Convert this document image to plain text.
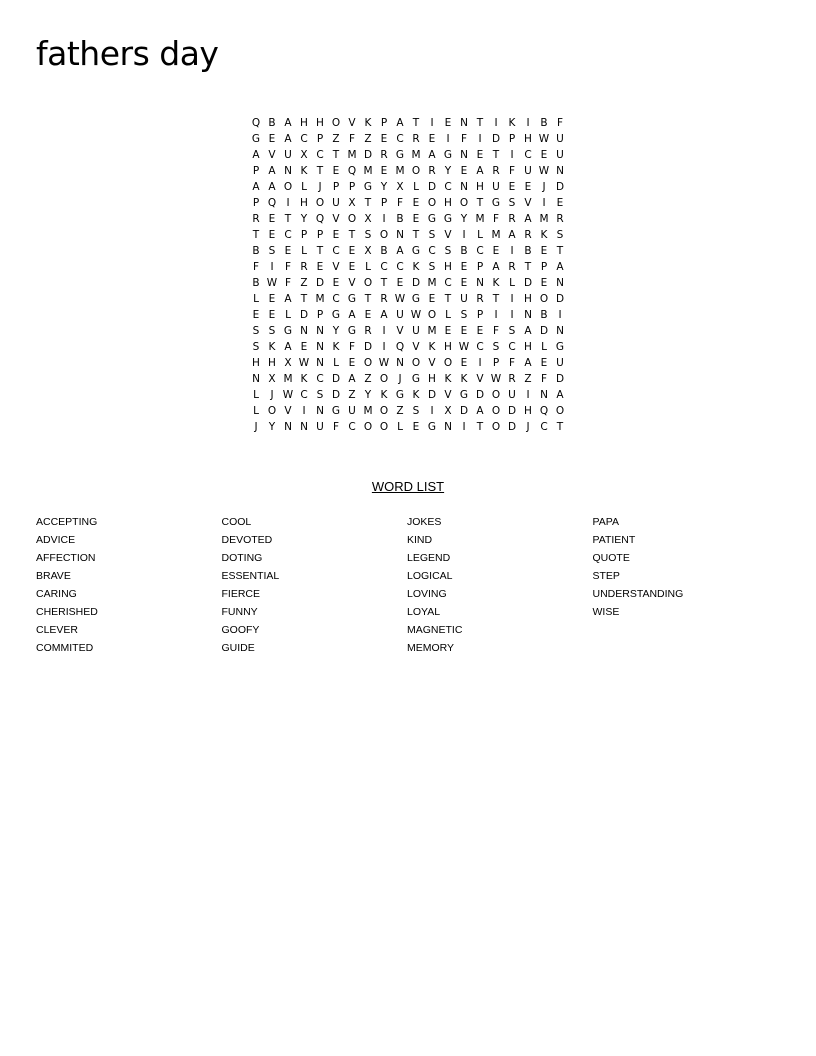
fathers day
Q	B	A	H	H	O	V	K	P	A	T	I	E	N	T	I	K	I	B	F
G	E	A	C	P	Z	F	Z	E	C	R	E	I	F	I	D	P	H	W	U
A	V	U	X	C	T	M	D	R	G	M	A	G	N	E	T	I	C	E	U
P	A	N	K	T	E	Q	M	E	M	O	R	Y	E	A	R	F	U	W	N
A	A	O	L	J	P	P	G	Y	X	L	D	C	N	H	U	E	E	J	D
P	Q	I	H	O	U	X	T	P	F	E	O	H	O	T	G	S	V	I	E
R	E	T	Y	Q	V	O	X	I	B	E	G	G	Y	M	F	R	A	M	R
T	E	C	P	P	E	T	S	O	N	T	S	V	I	L	M	A	R	K	S
B	S	E	L	T	C	E	X	B	A	G	C	S	B	C	E	I	B	E	T
F	I	F	R	E	V	E	L	C	C	K	S	H	E	P	A	R	T	P	A
B	W	F	Z	D	E	V	O	T	E	D	M	C	E	N	K	L	D	E	N
L	E	A	T	M	C	G	T	R	W	G	E	T	U	R	T	I	H	O	D
E	E	L	D	P	G	A	E	A	U	W	O	L	S	P	I	I	N	B	I
S	S	G	N	N	Y	G	R	I	V	U	M	E	E	E	F	S	A	D	N
S	K	A	E	N	K	F	D	I	Q	V	K	H	W	C	S	C	H	L	G
H	H	X	W	N	L	E	O	W	N	O	V	O	E	I	P	F	A	E	U
N	X	M	K	C	D	A	Z	O	J	G	H	K	K	V	W	R	Z	F	D
L	J	W	C	S	D	Z	Y	K	G	K	D	V	G	D	O	U	I	N	A
L	O	V	I	N	G	U	M	O	Z	S	I	X	D	A	O	D	H	Q	O
J	Y	N	N	U	F	C	O	O	L	E	G	N	I	T	O	D	J	C	T
WORD LIST
ACCEPTING
ADVICE
AFFECTION
BRAVE
CARING
CHERISHED
CLEVER
COMMITED
COOL
DEVOTED
DOTING
ESSENTIAL
FIERCE
FUNNY
GOOFY
GUIDE
JOKES
KIND
LEGEND
LOGICAL
LOVING
LOYAL
MAGNETIC
MEMORY
PAPA
PATIENT
QUOTE
STEP
UNDERSTANDING
WISE
